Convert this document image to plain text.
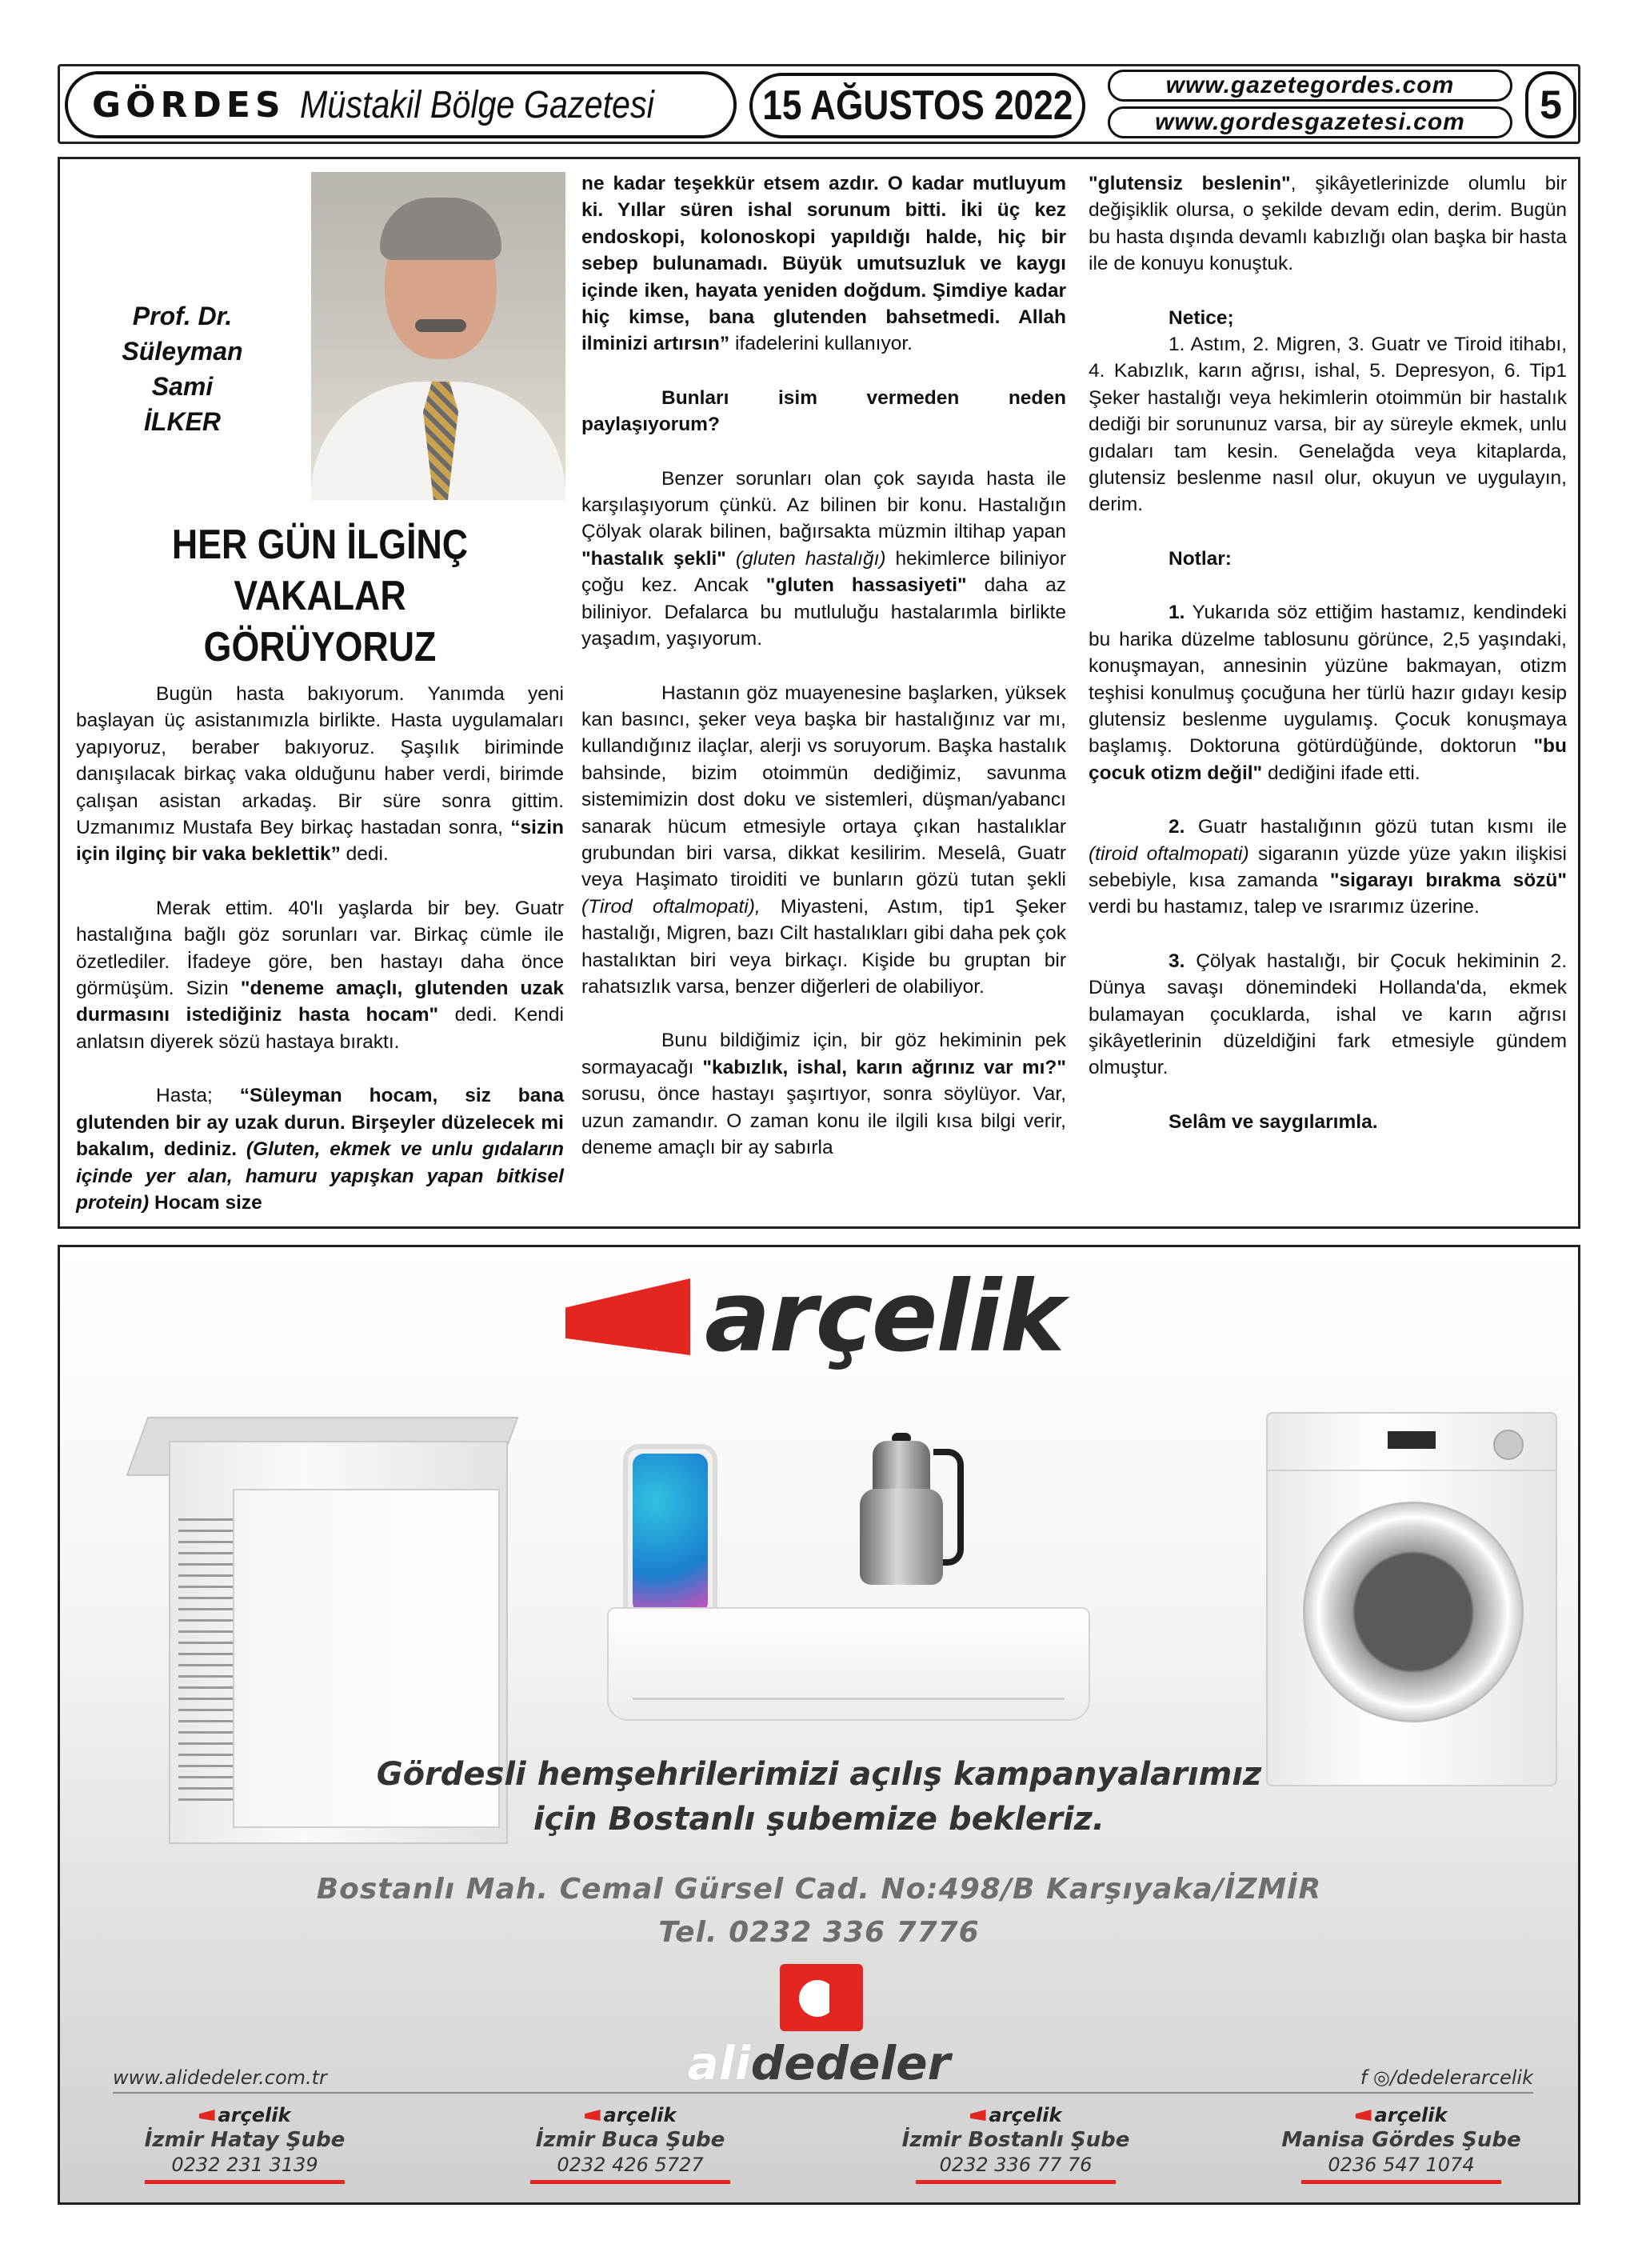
GÖRDES Müstakil Bölge Gazetesi	15 AĞUSTOS 2022	www.gazetegordes.com
www.gordesgazetesi.com 5
Prof. Dr.
Süleyman Sami
İLKER
HER GÜN İLGİNÇ VAKALAR
GÖRÜYORUZ

Bugün hasta bakıyorum. Yanımda yeni başlayan üç asistanımızla birlikte. Hasta uygulamaları yapıyoruz, beraber bakıyoruz. Şaşılık biriminde danışılacak birkaç vaka olduğunu haber verdi, birimde çalışan asistan arkadaş. Bir süre sonra gittim. Uzmanımız Mustafa Bey birkaç hastadan sonra, “sizin için ilginç bir vaka beklettik” dedi.

Merak ettim. 40'lı yaşlarda bir bey. Guatr hastalığına bağlı göz sorunları var. Birkaç cümle ile özetlediler. İfadeye göre, ben hastayı daha önce görmüşüm. Sizin "deneme amaçlı, glutenden uzak durmasını istediğiniz hasta hocam" dedi. Kendi anlatsın diyerek sözü hastaya bıraktı.

Hasta; “Süleyman hocam, siz bana glutenden bir ay uzak durun. Birşeyler düzelecek mi bakalım, dediniz. (Gluten, ekmek ve unlu gıdaların içinde yer alan, hamuru yapışkan yapan bitkisel protein) Hocam size

ne kadar teşekkür etsem azdır. O kadar mutluyum ki. Yıllar süren ishal sorunum bitti. İki üç kez endoskopi, kolonoskopi yapıldığı halde, hiç bir sebep bulunamadı. Büyük umutsuzluk ve kaygı içinde iken, hayata yeniden doğdum. Şimdiye kadar hiç kimse, bana glutenden bahsetmedi. Allah ilminizi artırsın” ifadelerini kullanıyor.

Bunları isim vermeden neden paylaşıyorum?

Benzer sorunları olan çok sayıda hasta ile karşılaşıyorum çünkü. Az bilinen bir konu. Hastalığın Çölyak olarak bilinen, bağırsakta müzmin iltihap yapan "hastalık şekli" (gluten hastalığı) hekimlerce biliniyor çoğu kez. Ancak "gluten hassasiyeti" daha az biliniyor. Defalarca bu mutluluğu hastalarımla birlikte yaşadım, yaşıyorum.

Hastanın göz muayenesine başlarken, yüksek kan basıncı, şeker veya başka bir hastalığınız var mı, kullandığınız ilaçlar, alerji vs soruyorum. Başka hastalık bahsinde, bizim otoimmün dediğimiz, savunma sistemimizin dost doku ve sistemleri, düşman/yabancı sanarak hücum etmesiyle ortaya çıkan hastalıklar grubundan biri varsa, dikkat kesilirim. Meselâ, Guatr veya Haşimato tiroiditi ve bunların gözü tutan şekli (Tirod oftalmopati), Miyasteni, Astım, tip1 Şeker hastalığı, Migren, bazı Cilt hastalıkları gibi daha pek çok hastalıktan biri veya birkaçı. Kişide bu gruptan bir rahatsızlık varsa, benzer diğerleri de olabiliyor.

Bunu bildiğimiz için, bir göz hekiminin pek sormayacağı "kabızlık, ishal, karın ağrınız var mı?" sorusu, önce hastayı şaşırtıyor, sonra söylüyor. Var, uzun zamandır. O zaman konu ile ilgili kısa bilgi verir, deneme amaçlı bir ay sabırla

"glutensiz beslenin", şikâyetlerinizde olumlu bir değişiklik olursa, o şekilde devam edin, derim. Bugün bu hasta dışında devamlı kabızlığı olan başka bir hasta ile de konuyu konuştuk.

Netice;

1. Astım, 2. Migren, 3. Guatr ve Tiroid itihabı, 4. Kabızlık, karın ağrısı, ishal, 5. Depresyon, 6. Tip1 Şeker hastalığı veya hekimlerin otoimmün bir hastalık dediği bir sorununuz varsa, bir ay süreyle ekmek, unlu gıdaları tam kesin. Genelağda veya kitaplarda, glutensiz beslenme nasıl olur, okuyun ve uygulayın, derim.

Notlar:

1. Yukarıda söz ettiğim hastamız, kendindeki bu harika düzelme tablosunu görünce, 2,5 yaşındaki, konuşmayan, annesinin yüzüne bakmayan, otizm teşhisi konulmuş çocuğuna her türlü hazır gıdayı kesip glutensiz beslenme uygulamış. Çocuk konuşmaya başlamış. Doktoruna götürdüğünde, doktorun "bu çocuk otizm değil" dediğini ifade etti.

2. Guatr hastalığının gözü tutan kısmı ile (tiroid oftalmopati) sigaranın yüzde yüze yakın ilişkisi sebebiyle, kısa zamanda "sigarayı bırakma sözü" verdi bu hastamız, talep ve ısrarımız üzerine.

3. Çölyak hastalığı, bir Çocuk hekiminin 2. Dünya savaşı dönemindeki Hollanda'da, ekmek bulamayan çocuklarda, ishal ve karın ağrısı şikâyetlerinin düzeldiğini fark etmesiyle gündem olmuştur.

Selâm ve saygılarımla.

arçelik
Gördesli hemşehrilerimizi açılış kampanyalarımız
için Bostanlı şubemize bekleriz.
Bostanlı Mah. Cemal Gürsel Cad. No:498/B Karşıyaka/İZMİR
Tel. 0232 336 7776
alidedeler
www.alidedeler.com.tr	f ◎/dedelerarcelik
arçelik
İzmir Hatay Şube
0232 231 3139
arçelik
İzmir Buca Şube
0232 426 5727
arçelik
İzmir Bostanlı Şube
0232 336 77 76
arçelik
Manisa Gördes Şube
0236 547 1074
